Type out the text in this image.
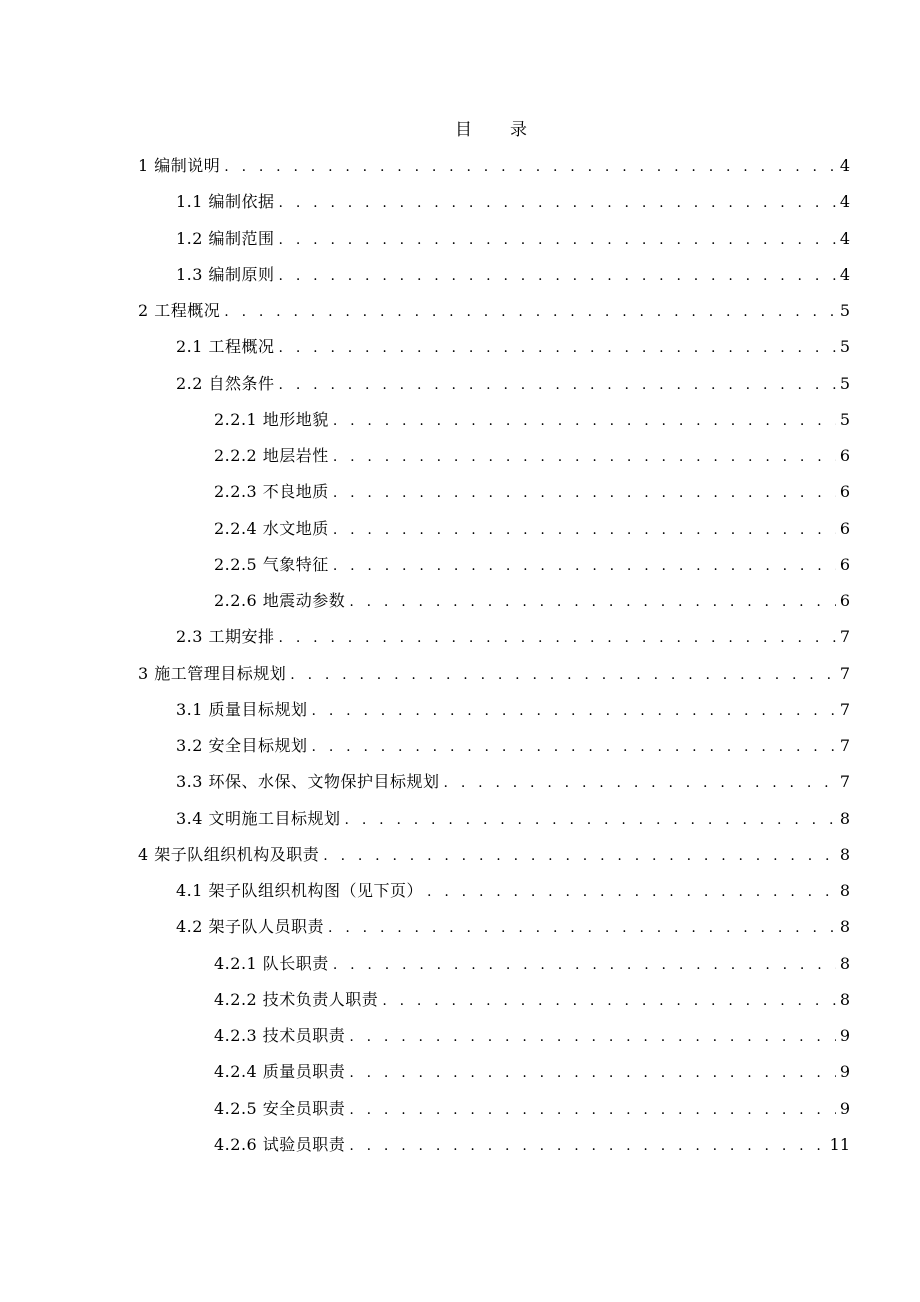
目 录
1 编制说明 . . .	4
1.1 编制依据 . . .	4
1.2 编制范围 . . .	4
1.3 编制原则 . . .	4
2 工程概况 . . .	5
2.1 工程概况 . . .	5
2.2 自然条件 . . .	5
2.2.1 地形地貌 . . .	5
2.2.2 地层岩性 . . .	6
2.2.3 不良地质 . . .	6
2.2.4 水文地质 . . .	6
2.2.5 气象特征 . . .	6
2.2.6 地震动参数 . . .	6
2.3 工期安排 . . .	7
3 施工管理目标规划 . . .	7
3.1 质量目标规划 . . .	7
3.2 安全目标规划 . . .	7
3.3 环保、水保、文物保护目标规划 . . .	7
3.4 文明施工目标规划 . . .	8
4 架子队组织机构及职责 . . .	8
4.1 架子队组织机构图（见下页） . . .	8
4.2 架子队人员职责 . . .	8
4.2.1 队长职责 . . .	8
4.2.2 技术负责人职责 . . .	8
4.2.3 技术员职责 . . .	9
4.2.4 质量员职责 . . .	9
4.2.5 安全员职责 . . .	9
4.2.6 试验员职责 . . .	11
